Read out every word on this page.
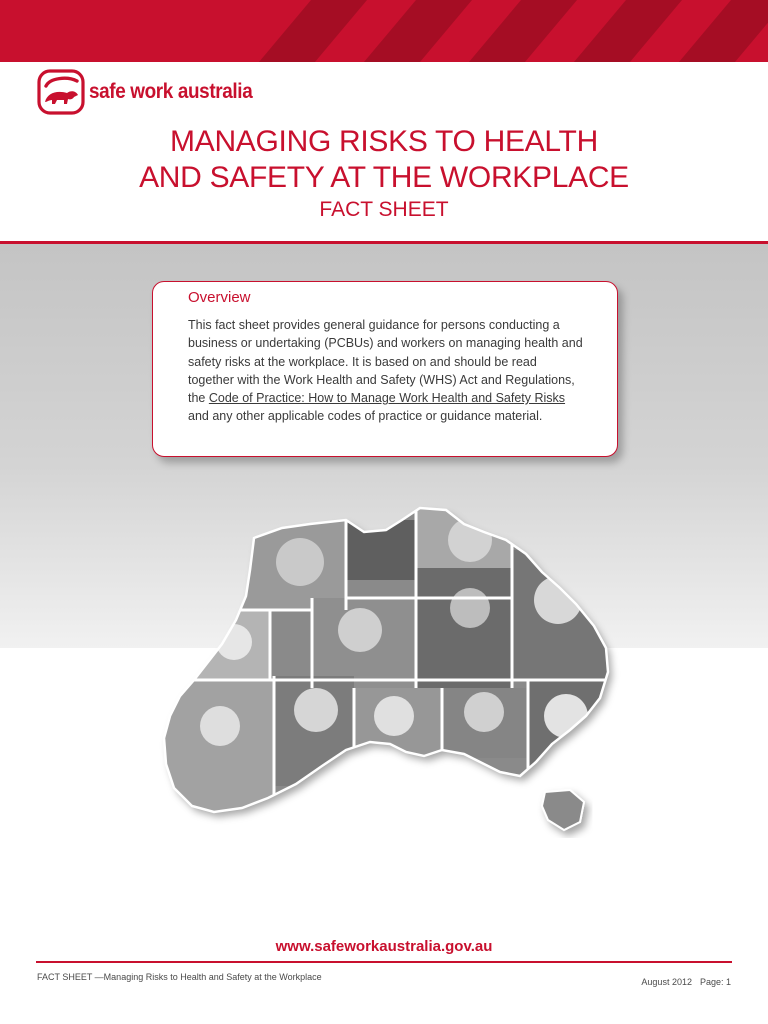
safe work australia
MANAGING RISKS TO HEALTH
AND SAFETY AT THE WORKPLACE
FACT SHEET
Overview
This fact sheet provides general guidance for persons conducting a business or undertaking (PCBUs) and workers on managing health and safety risks at the workplace. It is based on and should be read together with the Work Health and Safety (WHS) Act and Regulations, the Code of Practice: How to Manage Work Health and Safety Risks and any other applicable codes of practice or guidance material.
www.safeworkaustralia.gov.au
FACT SHEET —Managing Risks to Health and Safety at the Workplace	August 2012 Page: 1
